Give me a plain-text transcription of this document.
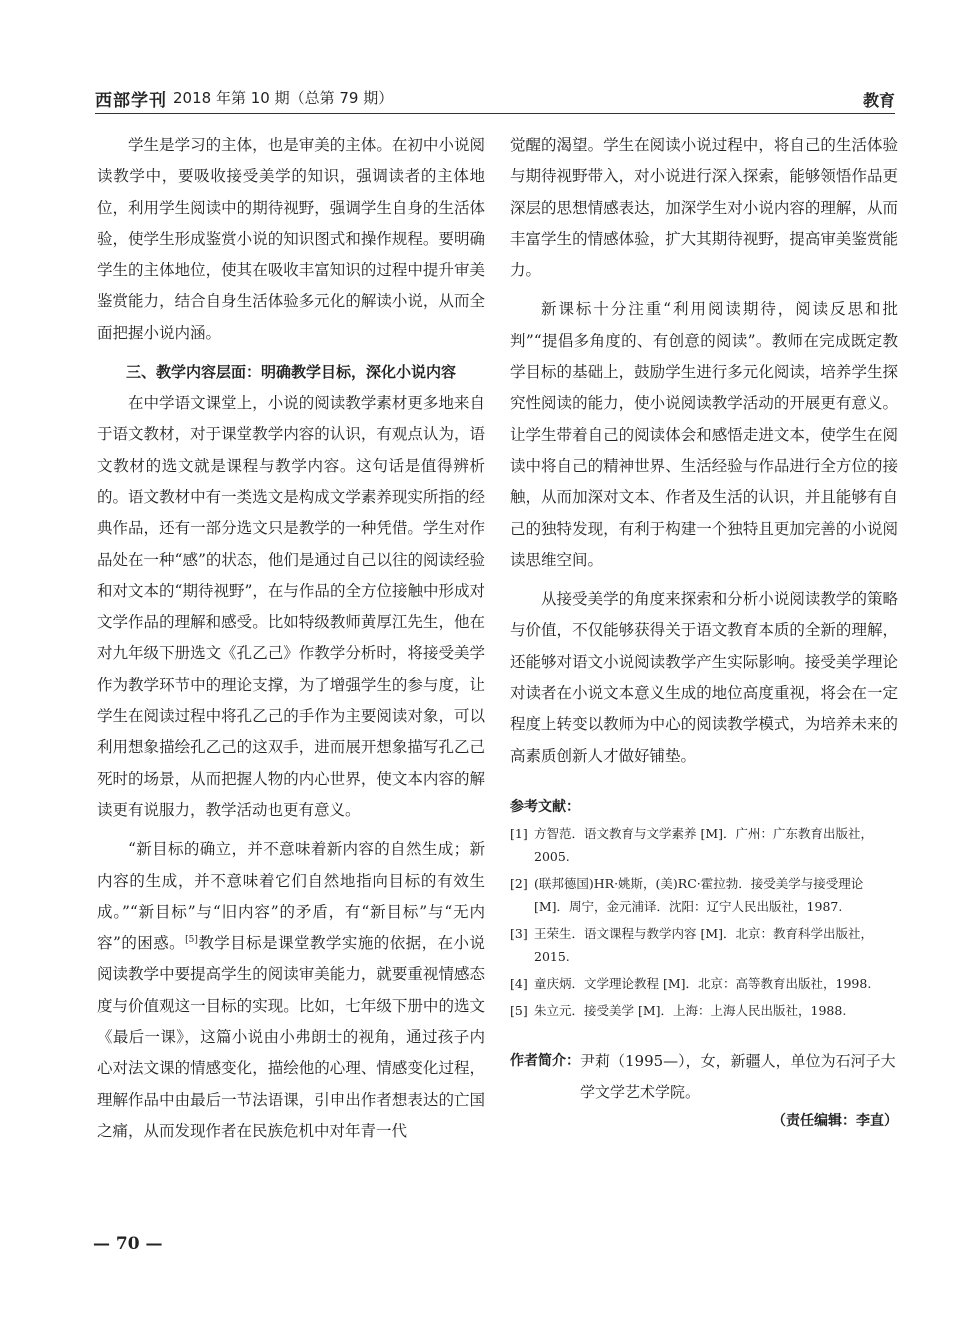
西部学刊 2018 年第 10 期（总第 79 期）	教育

学生是学习的主体，也是审美的主体。在初中小说阅读教学中，要吸收接受美学的知识，强调读者的主体地位，利用学生阅读中的期待视野，强调学生自身的生活体验，使学生形成鉴赏小说的知识图式和操作规程。要明确学生的主体地位，使其在吸收丰富知识的过程中提升审美鉴赏能力，结合自身生活体验多元化的解读小说，从而全面把握小说内涵。

三、教学内容层面：明确教学目标，深化小说内容

在中学语文课堂上，小说的阅读教学素材更多地来自于语文教材，对于课堂教学内容的认识，有观点认为，语文教材的选文就是课程与教学内容。这句话是值得辨析的。语文教材中有一类选文是构成文学素养现实所指的经典作品，还有一部分选文只是教学的一种凭借。学生对作品处在一种“感”的状态，他们是通过自己以往的阅读经验和对文本的“期待视野”，在与作品的全方位接触中形成对文学作品的理解和感受。比如特级教师黄厚江先生，他在对九年级下册选文《孔乙己》作教学分析时，将接受美学作为教学环节中的理论支撑，为了增强学生的参与度，让学生在阅读过程中将孔乙己的手作为主要阅读对象，可以利用想象描绘孔乙己的这双手，进而展开想象描写孔乙己死时的场景，从而把握人物的内心世界，使文本内容的解读更有说服力，教学活动也更有意义。

“新目标的确立，并不意味着新内容的自然生成；新内容的生成，并不意味着它们自然地指向目标的有效生成。”“新目标”与“旧内容”的矛盾，有“新目标”与“无内容”的困惑。[5]教学目标是课堂教学实施的依据，在小说阅读教学中要提高学生的阅读审美能力，就要重视情感态度与价值观这一目标的实现。比如，七年级下册中的选文《最后一课》，这篇小说由小弗朗士的视角，通过孩子内心对法文课的情感变化，描绘他的心理、情感变化过程，理解作品中由最后一节法语课，引申出作者想表达的亡国之痛，从而发现作者在民族危机中对年青一代

觉醒的渴望。学生在阅读小说过程中，将自己的生活体验与期待视野带入，对小说进行深入探索，能够领悟作品更深层的思想情感表达，加深学生对小说内容的理解，从而丰富学生的情感体验，扩大其期待视野，提高审美鉴赏能力。

新课标十分注重“利用阅读期待，阅读反思和批判”“提倡多角度的、有创意的阅读”。教师在完成既定教学目标的基础上，鼓励学生进行多元化阅读，培养学生探究性阅读的能力，使小说阅读教学活动的开展更有意义。让学生带着自己的阅读体会和感悟走进文本，使学生在阅读中将自己的精神世界、生活经验与作品进行全方位的接触，从而加深对文本、作者及生活的认识，并且能够有自己的独特发现，有利于构建一个独特且更加完善的小说阅读思维空间。

从接受美学的角度来探索和分析小说阅读教学的策略与价值，不仅能够获得关于语文教育本质的全新的理解，还能够对语文小说阅读教学产生实际影响。接受美学理论对读者在小说文本意义生成的地位高度重视，将会在一定程度上转变以教师为中心的阅读教学模式，为培养未来的高素质创新人才做好铺垫。

参考文献：
[1] 方智范．语文教育与文学素养 [M]．广州：广东教育出版社，2005.
[2] (联邦德国)HR·姚斯，(美)RC·霍拉勃．接受美学与接受理论 [M]．周宁，金元浦译．沈阳：辽宁人民出版社，1987.
[3] 王荣生．语文课程与教学内容 [M]．北京：教育科学出版社，2015.
[4] 童庆炳．文学理论教程 [M]．北京：高等教育出版社，1998.
[5] 朱立元．接受美学 [M]．上海：上海人民出版社，1988.
作者简介： 尹莉（1995—），女，新疆人，单位为石河子大学文学艺术学院。
（责任编辑：李直）
— 70 —
